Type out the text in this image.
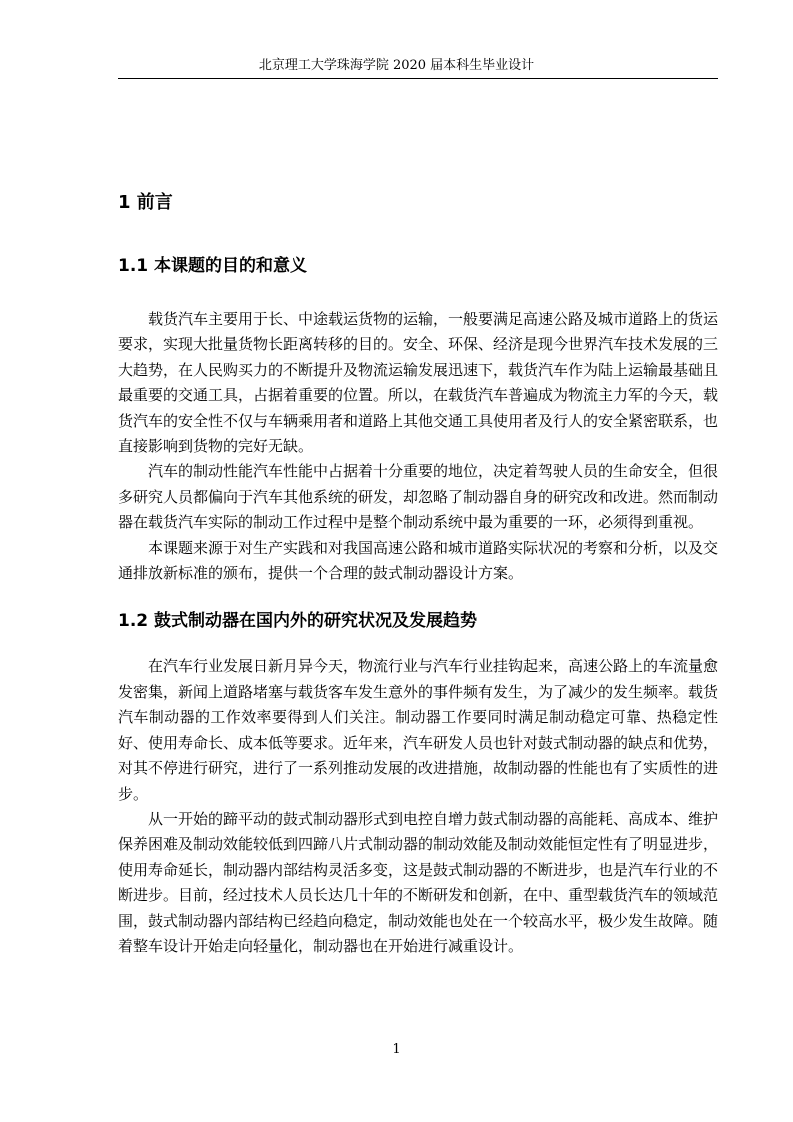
北京理工大学珠海学院 2020 届本科生毕业设计
1 前言
1.1 本课题的目的和意义

载货汽车主要用于长、中途载运货物的运输，一般要满足高速公路及城市道路上的货运要求，实现大批量货物长距离转移的目的。安全、环保、经济是现今世界汽车技术发展的三大趋势，在人民购买力的不断提升及物流运输发展迅速下，载货汽车作为陆上运输最基础且最重要的交通工具，占据着重要的位置。所以，在载货汽车普遍成为物流主力军的今天，载货汽车的安全性不仅与车辆乘用者和道路上其他交通工具使用者及行人的安全紧密联系，也直接影响到货物的完好无缺。

汽车的制动性能汽车性能中占据着十分重要的地位，决定着驾驶人员的生命安全，但很多研究人员都偏向于汽车其他系统的研发，却忽略了制动器自身的研究改和改进。然而制动器在载货汽车实际的制动工作过程中是整个制动系统中最为重要的一环，必须得到重视。

本课题来源于对生产实践和对我国高速公路和城市道路实际状况的考察和分析，以及交通排放新标准的颁布，提供一个合理的鼓式制动器设计方案。

1.2 鼓式制动器在国内外的研究状况及发展趋势

在汽车行业发展日新月异今天，物流行业与汽车行业挂钩起来，高速公路上的车流量愈发密集，新闻上道路堵塞与载货客车发生意外的事件频有发生，为了减少的发生频率。载货汽车制动器的工作效率要得到人们关注。制动器工作要同时满足制动稳定可靠、热稳定性好、使用寿命长、成本低等要求。近年来，汽车研发人员也针对鼓式制动器的缺点和优势，对其不停进行研究，进行了一系列推动发展的改进措施，故制动器的性能也有了实质性的进步。

从一开始的蹄平动的鼓式制动器形式到电控自增力鼓式制动器的高能耗、高成本、维护保养困难及制动效能较低到四蹄八片式制动器的制动效能及制动效能恒定性有了明显进步，使用寿命延长，制动器内部结构灵活多变，这是鼓式制动器的不断进步，也是汽车行业的不断进步。目前，经过技术人员长达几十年的不断研发和创新，在中、重型载货汽车的领域范围，鼓式制动器内部结构已经趋向稳定，制动效能也处在一个较高水平，极少发生故障。随着整车设计开始走向轻量化，制动器也在开始进行减重设计。

1
